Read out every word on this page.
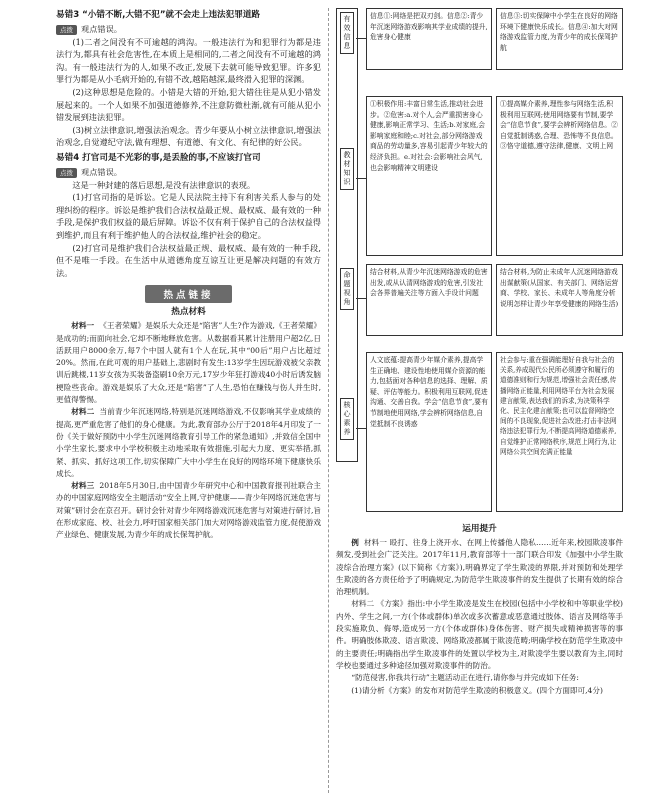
易错3 “小错不断,大错不犯”就不会走上违法犯罪道路

点拨 观点错误。

(1)二者之间没有不可逾越的鸿沟。一般违法行为和犯罪行为都是违法行为,都具有社会危害性,在本质上是相同的,二者之间没有不可逾越的鸿沟。有一般违法行为的人,如果不改正,发展下去就可能导致犯罪。许多犯罪行为都是从小毛病开始的,有错不改,越陷越深,最终滑入犯罪的深渊。

(2)这种思想是危险的。小错是大错的开始,犯大错往往是从犯小错发展起来的。一个人如果不加强道德修养,不注意防微杜渐,就有可能从犯小错发展到违法犯罪。

(3)树立法律意识,增强法治观念。青少年要从小树立法律意识,增强法治观念,自觉遵纪守法,做有理想、有道德、有文化、有纪律的好公民。

易错4 打官司是不光彩的事,是丢脸的事,不应该打官司

点拨 观点错误。

这是一种封建的落后思想,是没有法律意识的表现。

(1)打官司指的是诉讼。它是人民法院主持下有利害关系人参与的处理纠纷的程序。诉讼是维护我们合法权益最正规、最权威、最有效的一种手段,是保护我们权益的最后屏障。诉讼不仅有利于保护自己的合法权益得到维护,而且有利于维护他人的合法权益,维护社会的稳定。

(2)打官司是维护我们合法权益最正规、最权威、最有效的一种手段,但不是唯一手段。在生活中从道德角度互谅互让更是解决问题的有效方法。

热点链接
热点材料

材料一 《王者荣耀》是娱乐大众还是“陷害”人生?作为游戏,《王者荣耀》是成功的;而面向社会,它却不断地释放危害。从数据看其累计注册用户超2亿,日活跃用户8000余万,每7个中国人就有1个人在玩,其中“00后”用户占比超过20%。然而,在此可观的用户基础上,悲剧时有发生:13岁学生因玩游戏被父亲教训后跳楼,11岁女孩为买装备盗刷10余万元,17岁少年狂打游戏40小时后诱发脑梗险些丧命。游戏是娱乐了大众,还是“陷害”了人生,恐怕在赚钱与伤人并生时,更值得警惕。

材料二 当前青少年沉迷网络,特别是沉迷网络游戏,不仅影响其学业成绩的提高,更严重危害了他们的身心健康。为此,教育部办公厅于2018年4月印发了一份《关于做好预防中小学生沉迷网络教育引导工作的紧急通知》,并致信全国中小学生家长,要求中小学校积极主动地采取有效措施,引起大力度、更实举措,抓紧、抓实、抓好这项工作,切实保障广大中小学生在良好的网络环境下健康快乐成长。

材料三 2018年5月30日,由中国青少年研究中心和中国教育报刊社联合主办的中国家庭网络安全主题活动“安全上网,守护健康——青少年网络沉迷危害与对策”研讨会在京召开。研讨会针对青少年网络游戏沉迷危害与对策进行研讨,旨在形成家庭、校、社会力,呼吁国家相关部门加大对网络游戏监管力度,促使游戏产业绿色、健康发展,为青少年的成长保驾护航。

有效信息
教材知识
命题视角
核心素养
信息①:网络是把双刃剑。信息②:青少年沉迷网络游戏影响其学业成绩的提升,危害身心健康
信息③:切实保障中小学生在良好的网络环境下健康快乐成长。信息④:加大对网络游戏监管力度,为青少年的成长保驾护航
①积极作用:丰富日常生活,推动社会进步。②危害:a.对个人,会严重损害身心健康,影响正常学习、生活;b.对家庭,会影响家庭和睦;c.对社会,部分网络游戏商品的劳动量多,容易引起青少年较大的经济负担。e.对社会:会影响社会风气,也会影响精神文明建设
①提高媒介素养,理性参与网络生活,积极利用互联网;使用网络要有节制,要学会“信息节食”,要学会辨析网络信息。②自觉抵制诱惑,合理、恐怖等不良信息。③恪守道德,遵守法律,健康、文明上网
结合材料,从青少年沉迷网络游戏的危害出发,或从认清网络游戏的危害,引发社会各界普遍关注等方面入手设计问题
结合材料,为防止未成年人沉迷网络游戏出谋献策(从国家、有关部门、网络运营商、学校、家长、未成年人等角度分析说明怎样让青少年享受健康的网络生活)
人文底蕴:提高青少年媒介素养,提高学生正确地、建设性地使用媒介资源的能力,包括面对各种信息的选择、理解、质疑、评估等能力。积极利用互联网,促进沟通、交善自我。学会“信息节食”,要有节制地使用网络,学会辨析网络信息,自觉抵制不良诱惑
社会参与:重在强调能理好自我与社会的关系,养成现代公民所必须遵守和履行的道德准则和行为规范,增强社会责任感,传播网络正能量,利用网络平台为社会发展建言献策,表达我们的诉求,为决策科学化、民主化建言献策;也可以监督网络空间的不良现象,促进社会改进;打击非法网络违法犯罪行为,不断提高网络道德素养,自觉维护正常网络秩序,规范上网行为,让网络公共空间充满正能量
运用提升

例 材料一 殴打、往身上浇开水、在网上传播他人隐私……近年来,校园欺凌事件频发,受到社会广泛关注。2017年11月,教育部等十一部门联合印发《加强中小学生欺凌综合治理方案》(以下简称《方案》),明确界定了学生欺凌的界限,并对预防和处理学生欺凌的各方责任给予了明确规定,为防范学生欺凌事件的发生提供了长期有效的综合治理机制。

材料二 《方案》指出:中小学生欺凌是发生在校园(包括中小学校和中等职业学校)内外、学生之间,一方(个体或群体)单次或多次蓄意或恶意通过肢体、语言及网络等手段实施欺负、侮辱,造成另一方(个体或群体)身体伤害、财产损失或精神损害等的事件。明确肢体欺凌、语言欺凌、网络欺凌都属于欺凌范畴;明确学校在防范学生欺凌中的主要责任;明确指出学生欺凌事件的处置以学校为主,对欺凌学生要以教育为主,同时学校也要通过多种途径加强对欺凌事件的防治。

“防范侵害,你我共行动”主题活动正在进行,请你参与并完成如下任务:

(1)请分析《方案》的发布对防范学生欺凌的积极意义。(四个方面即可,4分)
